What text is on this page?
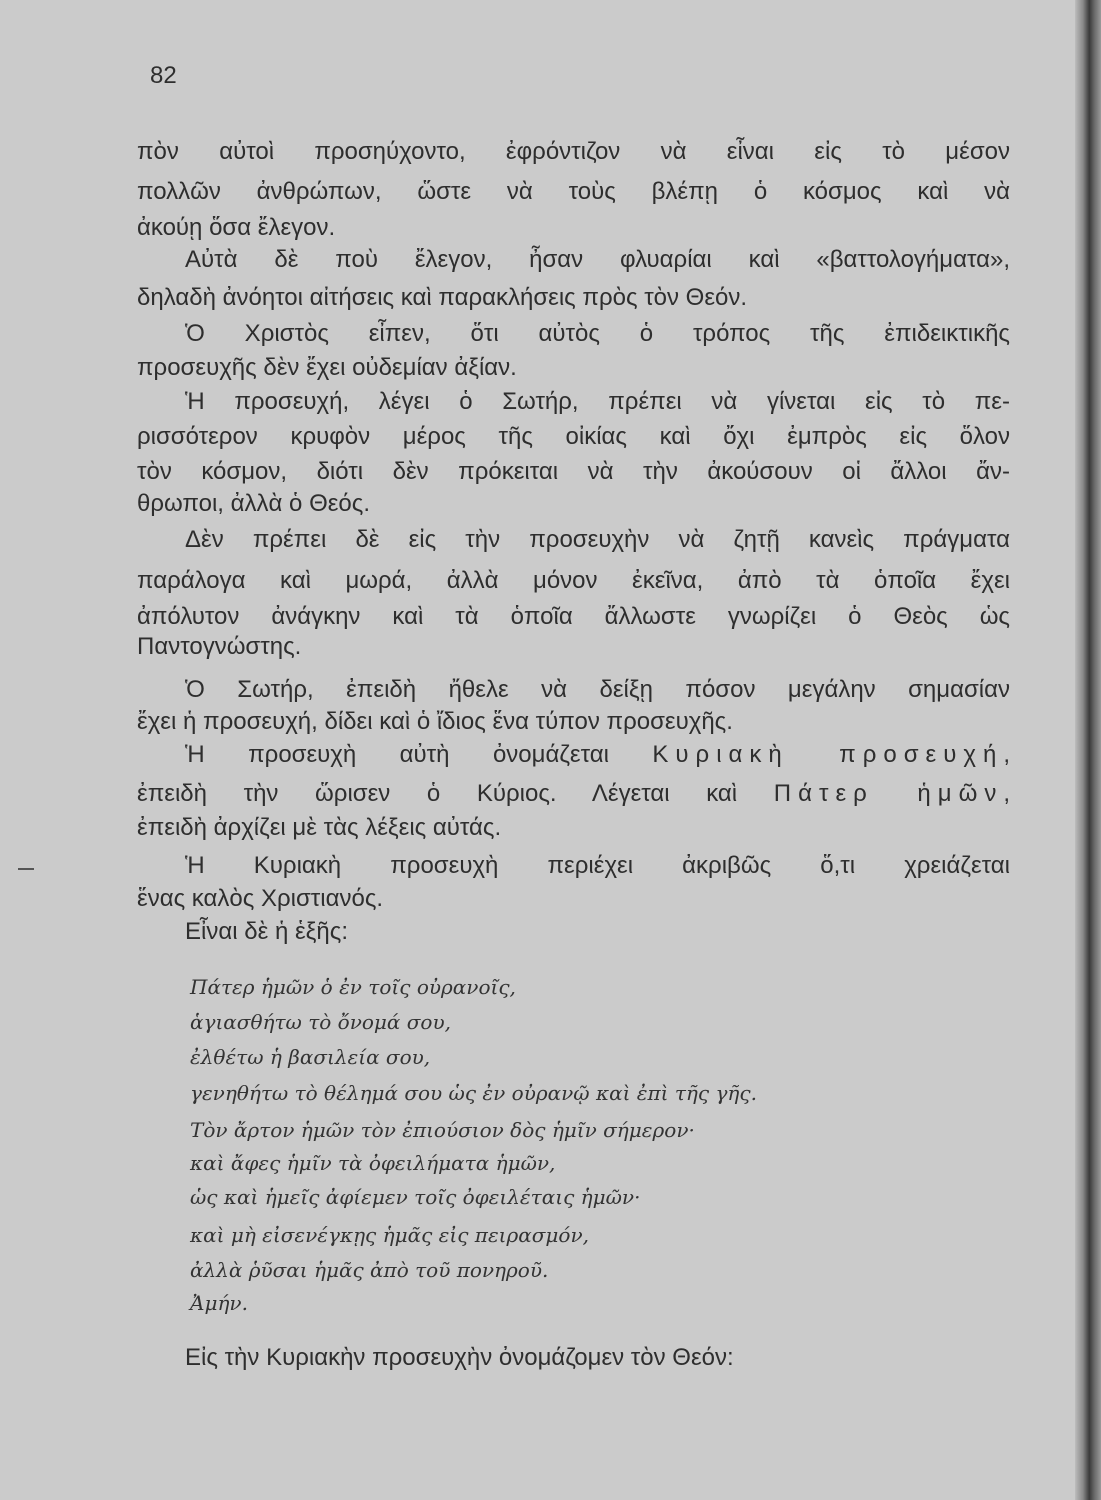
82
πὸν αὐτοὶ προσηύχοντο, ἐφρόντιζον νὰ εἶναι εἰς τὸ μέσον
πολλῶν ἀνθρώπων, ὥστε νὰ τοὺς βλέπῃ ὁ κόσμος καὶ νὰ
ἀκούῃ ὅσα ἔλεγον.
Αὐτὰ δὲ ποὺ ἔλεγον, ἦσαν φλυαρίαι καὶ «βαττολογήματα»,
δηλαδὴ ἀνόητοι αἰτήσεις καὶ παρακλήσεις πρὸς τὸν Θεόν.
Ὁ Χριστὸς εἶπεν, ὅτι αὐτὸς ὁ τρόπος τῆς ἐπιδεικτικῆς
προσευχῆς δὲν ἔχει οὐδεμίαν ἀξίαν.
Ἡ προσευχή, λέγει ὁ Σωτήρ, πρέπει νὰ γίνεται εἰς τὸ πε-
ρισσότερον κρυφὸν μέρος τῆς οἰκίας καὶ ὄχι ἐμπρὸς εἰς ὅλον
τὸν κόσμον, διότι δὲν πρόκειται νὰ τὴν ἀκούσουν οἱ ἄλλοι ἄν-
θρωποι, ἀλλὰ ὁ Θεός.
Δὲν πρέπει δὲ εἰς τὴν προσευχὴν νὰ ζητῇ κανεὶς πράγματα
παράλογα καὶ μωρά, ἀλλὰ μόνον ἐκεῖνα, ἀπὸ τὰ ὁποῖα ἔχει
ἀπόλυτον ἀνάγκην καὶ τὰ ὁποῖα ἄλλωστε γνωρίζει ὁ Θεὸς ὡς
Παντογνώστης.
Ὁ Σωτήρ, ἐπειδὴ ἤθελε νὰ δείξῃ πόσον μεγάλην σημασίαν
ἔχει ἡ προσευχή, δίδει καὶ ὁ ἴδιος ἕνα τύπον προσευχῆς.
Ἡ προσευχὴ αὐτὴ ὀνομάζεται Κυριακὴ προσευχή,
ἐπειδὴ τὴν ὥρισεν ὁ Κύριος. Λέγεται καὶ Πάτερ ἡμῶν,
ἐπειδὴ ἀρχίζει μὲ τὰς λέξεις αὐτάς.
Ἡ Κυριακὴ προσευχὴ περιέχει ἀκριβῶς ὅ,τι χρειάζεται
ἕνας καλὸς Χριστιανός.
Εἶναι δὲ ἡ ἑξῆς:
Πάτερ ἡμῶν ὁ ἐν τοῖς οὐρανοῖς,
ἁγιασθήτω τὸ ὄνομά σου,
ἐλθέτω ἡ βασιλεία σου,
γενηθήτω τὸ θέλημά σου ὡς ἐν οὐρανῷ καὶ ἐπὶ τῆς γῆς.
Τὸν ἄρτον ἡμῶν τὸν ἐπιούσιον δὸς ἡμῖν σήμερον·
καὶ ἄφες ἡμῖν τὰ ὀφειλήματα ἡμῶν,
ὡς καὶ ἡμεῖς ἀφίεμεν τοῖς ὀφειλέταις ἡμῶν·
καὶ μὴ εἰσενέγκῃς ἡμᾶς εἰς πειρασμόν,
ἀλλὰ ῥῦσαι ἡμᾶς ἀπὸ τοῦ πονηροῦ.
Ἀμήν.
Εἰς τὴν Κυριακὴν προσευχὴν ὀνομάζομεν τὸν Θεόν:
